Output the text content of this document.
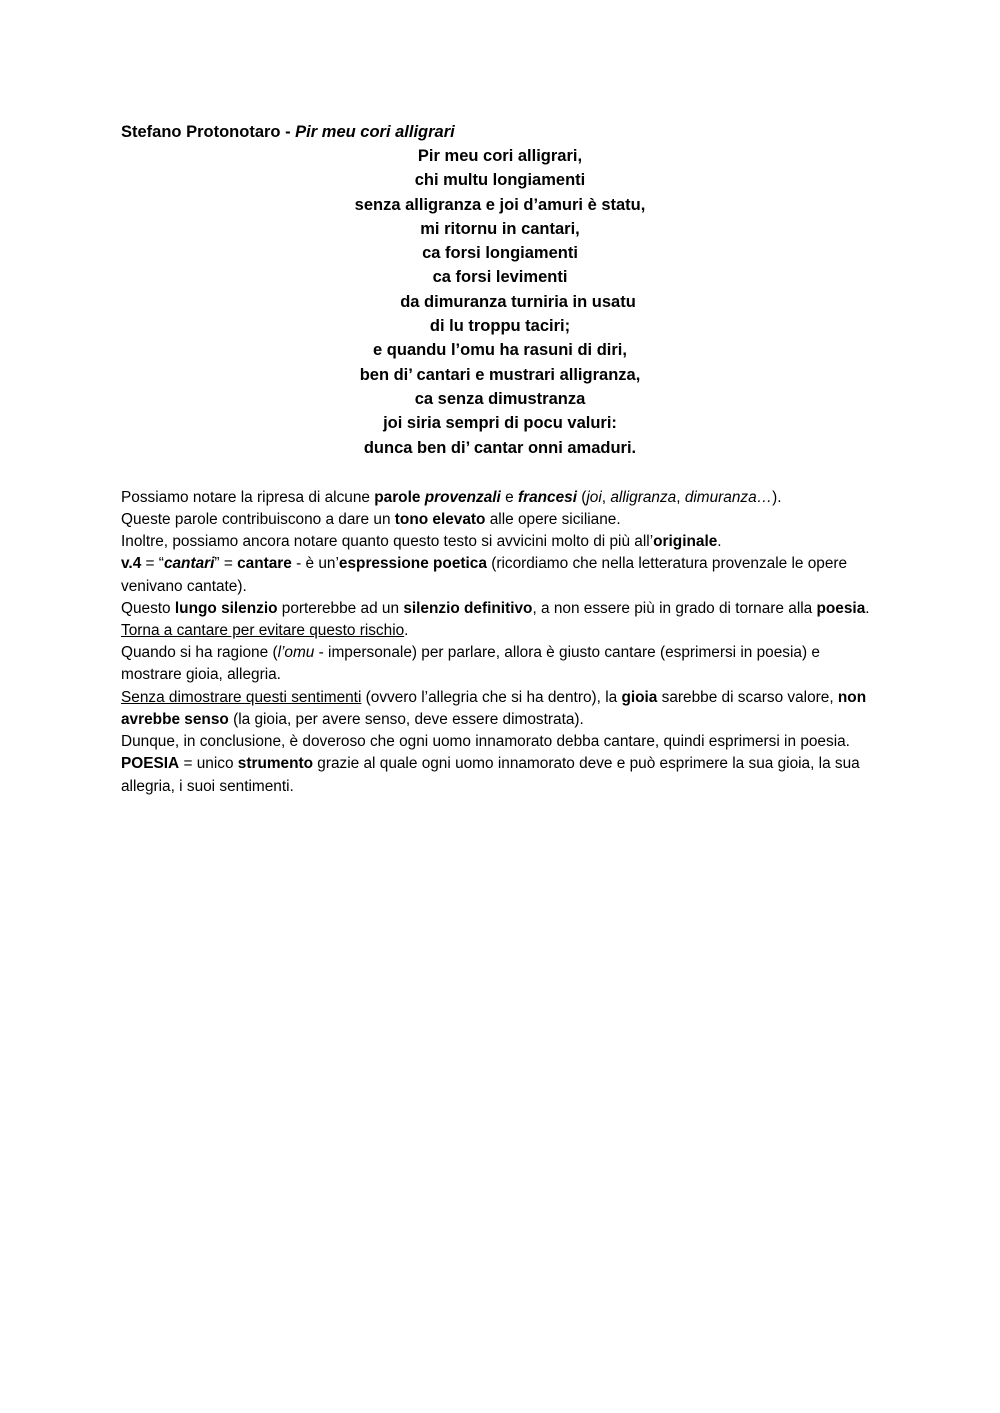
Stefano Protonotaro - Pir meu cori alligrari

Pir meu cori alligrari,
chi multu longiamenti
senza alligranza e joi d’amuri è statu,
mi ritornu in cantari,
ca forsi longiamenti
ca forsi levimenti
da dimuranza turniria in usatu
di lu troppu taciri;
e quandu l’omu ha rasuni di diri,
ben di’ cantari e mustrari alligranza,
ca senza dimustranza
joi siria sempri di pocu valuri:
dunca ben di’ cantar onni amaduri.

Possiamo notare la ripresa di alcune parole provenzali e francesi (joi, alligranza, dimuranza…).

Queste parole contribuiscono a dare un tono elevato alle opere siciliane.

Inoltre, possiamo ancora notare quanto questo testo si avvicini molto di più all’originale.

v.4 = “cantari” = cantare - è un’espressione poetica (ricordiamo che nella letteratura provenzale le opere venivano cantate).

Questo lungo silenzio porterebbe ad un silenzio definitivo, a non essere più in grado di tornare alla poesia. Torna a cantare per evitare questo rischio.

Quando si ha ragione (l’omu - impersonale) per parlare, allora è giusto cantare (esprimersi in poesia) e mostrare gioia, allegria.

Senza dimostrare questi sentimenti (ovvero l’allegria che si ha dentro), la gioia sarebbe di scarso valore, non avrebbe senso (la gioia, per avere senso, deve essere dimostrata).

Dunque, in conclusione, è doveroso che ogni uomo innamorato debba cantare, quindi esprimersi in poesia.

POESIA = unico strumento grazie al quale ogni uomo innamorato deve e può esprimere la sua gioia, la sua allegria, i suoi sentimenti.
